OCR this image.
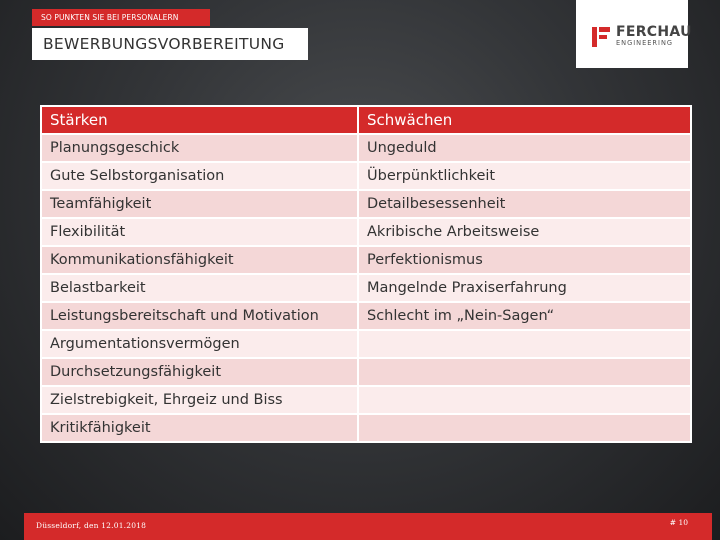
SO PUNKTEN SIE BEI PERSONALERN
BEWERBUNGSVORBEREITUNG
FERCHAU
ENGINEERING
Stärken	Schwächen
Planungsgeschick	Ungeduld
Gute Selbstorganisation	Überpünktlichkeit
Teamfähigkeit	Detailbesessenheit
Flexibilität	Akribische Arbeitsweise
Kommunikationsfähigkeit	Perfektionismus
Belastbarkeit	Mangelnde Praxiserfahrung
Leistungsbereitschaft und Motivation	Schlecht im „Nein-Sagen“
Argumentationsvermögen	
Durchsetzungsfähigkeit	
Zielstrebigkeit, Ehrgeiz und Biss	
Kritikfähigkeit	
Düsseldorf, den 12.01.2018	# 10
